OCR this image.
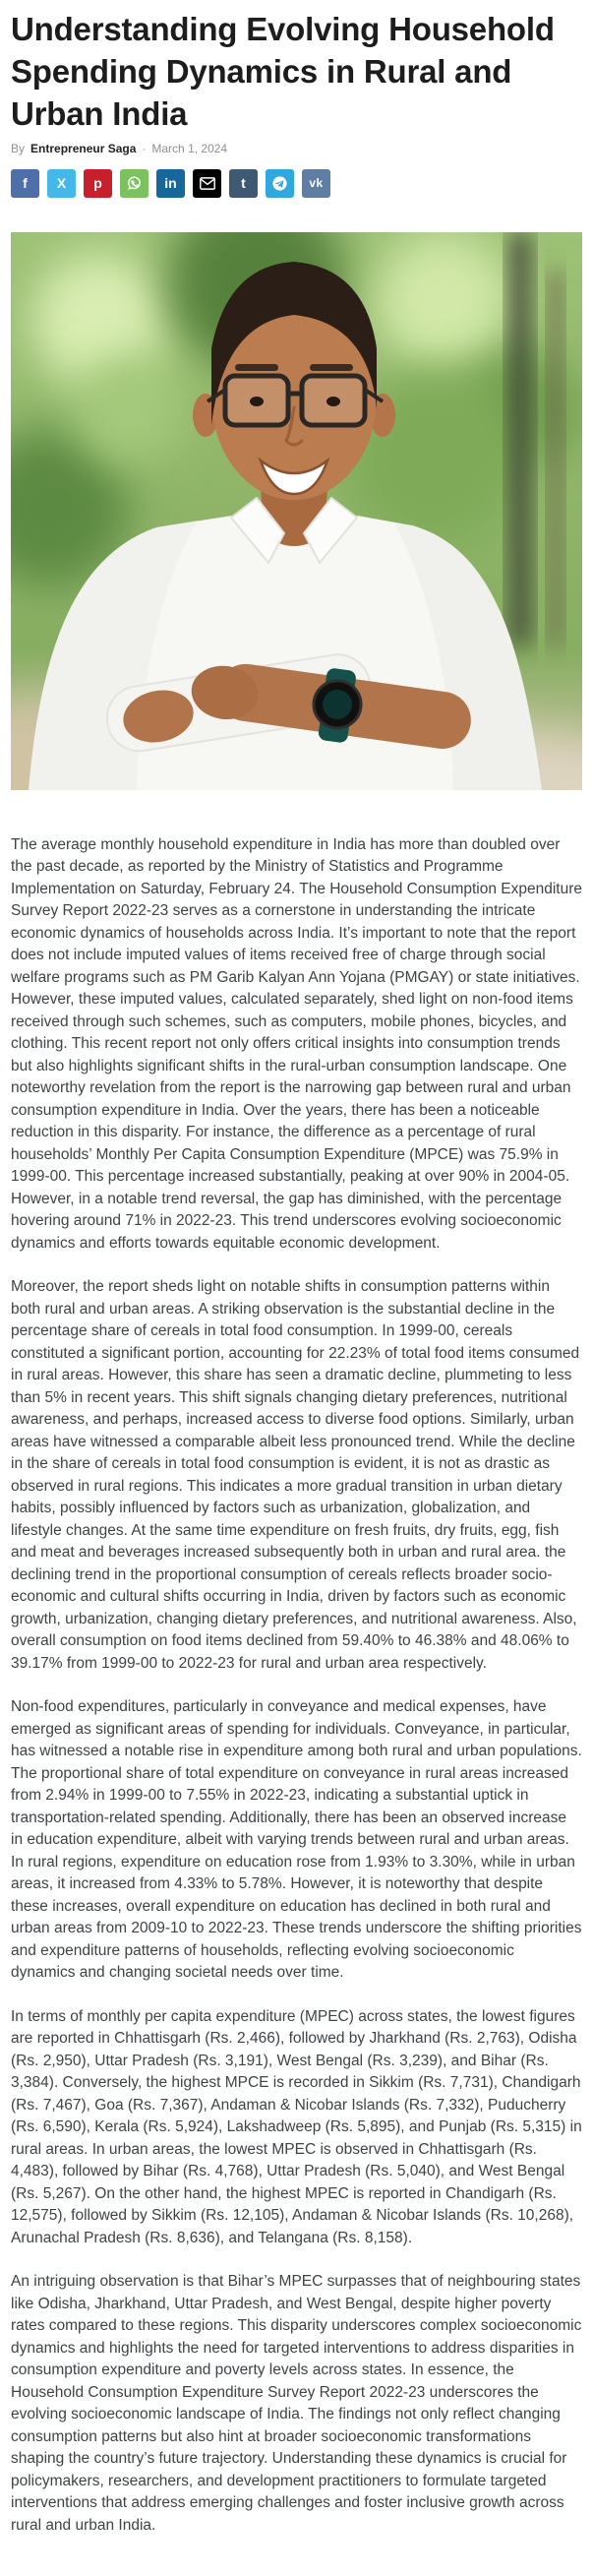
Understanding Evolving Household Spending Dynamics in Rural and Urban India
By Entrepreneur Saga - March 1, 2024
f X p	in	t	vk

The average monthly household expenditure in India has more than doubled over the past decade, as reported by the Ministry of Statistics and Programme Implementation on Saturday, February 24. The Household Consumption Expenditure Survey Report 2022-23 serves as a cornerstone in understanding the intricate economic dynamics of households across India. It’s important to note that the report does not include imputed values of items received free of charge through social welfare programs such as PM Garib Kalyan Ann Yojana (PMGAY) or state initiatives. However, these imputed values, calculated separately, shed light on non-food items received through such schemes, such as computers, mobile phones, bicycles, and clothing. This recent report not only offers critical insights into consumption trends but also highlights significant shifts in the rural-urban consumption landscape. One noteworthy revelation from the report is the narrowing gap between rural and urban consumption expenditure in India. Over the years, there has been a noticeable reduction in this disparity. For instance, the difference as a percentage of rural households’ Monthly Per Capita Consumption Expenditure (MPCE) was 75.9% in 1999-00. This percentage increased substantially, peaking at over 90% in 2004-05. However, in a notable trend reversal, the gap has diminished, with the percentage hovering around 71% in 2022-23. This trend underscores evolving socioeconomic dynamics and efforts towards equitable economic development.

Moreover, the report sheds light on notable shifts in consumption patterns within both rural and urban areas. A striking observation is the substantial decline in the percentage share of cereals in total food consumption. In 1999-00, cereals constituted a significant portion, accounting for 22.23% of total food items consumed in rural areas. However, this share has seen a dramatic decline, plummeting to less than 5% in recent years. This shift signals changing dietary preferences, nutritional awareness, and perhaps, increased access to diverse food options. Similarly, urban areas have witnessed a comparable albeit less pronounced trend. While the decline in the share of cereals in total food consumption is evident, it is not as drastic as observed in rural regions. This indicates a more gradual transition in urban dietary habits, possibly influenced by factors such as urbanization, globalization, and lifestyle changes. At the same time expenditure on fresh fruits, dry fruits, egg, fish and meat and beverages increased subsequently both in urban and rural area. the declining trend in the proportional consumption of cereals reflects broader socio-economic and cultural shifts occurring in India, driven by factors such as economic growth, urbanization, changing dietary preferences, and nutritional awareness. Also, overall consumption on food items declined from 59.40% to 46.38% and 48.06% to 39.17% from 1999-00 to 2022-23 for rural and urban area respectively.

Non-food expenditures, particularly in conveyance and medical expenses, have emerged as significant areas of spending for individuals. Conveyance, in particular, has witnessed a notable rise in expenditure among both rural and urban populations. The proportional share of total expenditure on conveyance in rural areas increased from 2.94% in 1999-00 to 7.55% in 2022-23, indicating a substantial uptick in transportation-related spending. Additionally, there has been an observed increase in education expenditure, albeit with varying trends between rural and urban areas. In rural regions, expenditure on education rose from 1.93% to 3.30%, while in urban areas, it increased from 4.33% to 5.78%. However, it is noteworthy that despite these increases, overall expenditure on education has declined in both rural and urban areas from 2009-10 to 2022-23. These trends underscore the shifting priorities and expenditure patterns of households, reflecting evolving socioeconomic dynamics and changing societal needs over time.

In terms of monthly per capita expenditure (MPEC) across states, the lowest figures are reported in Chhattisgarh (Rs. 2,466), followed by Jharkhand (Rs. 2,763), Odisha (Rs. 2,950), Uttar Pradesh (Rs. 3,191), West Bengal (Rs. 3,239), and Bihar (Rs. 3,384). Conversely, the highest MPCE is recorded in Sikkim (Rs. 7,731), Chandigarh (Rs. 7,467), Goa (Rs. 7,367), Andaman & Nicobar Islands (Rs. 7,332), Puducherry (Rs. 6,590), Kerala (Rs. 5,924), Lakshadweep (Rs. 5,895), and Punjab (Rs. 5,315) in rural areas. In urban areas, the lowest MPEC is observed in Chhattisgarh (Rs. 4,483), followed by Bihar (Rs. 4,768), Uttar Pradesh (Rs. 5,040), and West Bengal (Rs. 5,267). On the other hand, the highest MPEC is reported in Chandigarh (Rs. 12,575), followed by Sikkim (Rs. 12,105), Andaman & Nicobar Islands (Rs. 10,268), Arunachal Pradesh (Rs. 8,636), and Telangana (Rs. 8,158).

An intriguing observation is that Bihar’s MPEC surpasses that of neighbouring states like Odisha, Jharkhand, Uttar Pradesh, and West Bengal, despite higher poverty rates compared to these regions. This disparity underscores complex socioeconomic dynamics and highlights the need for targeted interventions to address disparities in consumption expenditure and poverty levels across states. In essence, the Household Consumption Expenditure Survey Report 2022-23 underscores the evolving socioeconomic landscape of India. The findings not only reflect changing consumption patterns but also hint at broader socioeconomic transformations shaping the country’s future trajectory. Understanding these dynamics is crucial for policymakers, researchers, and development practitioners to formulate targeted interventions that address emerging challenges and foster inclusive growth across rural and urban India.
